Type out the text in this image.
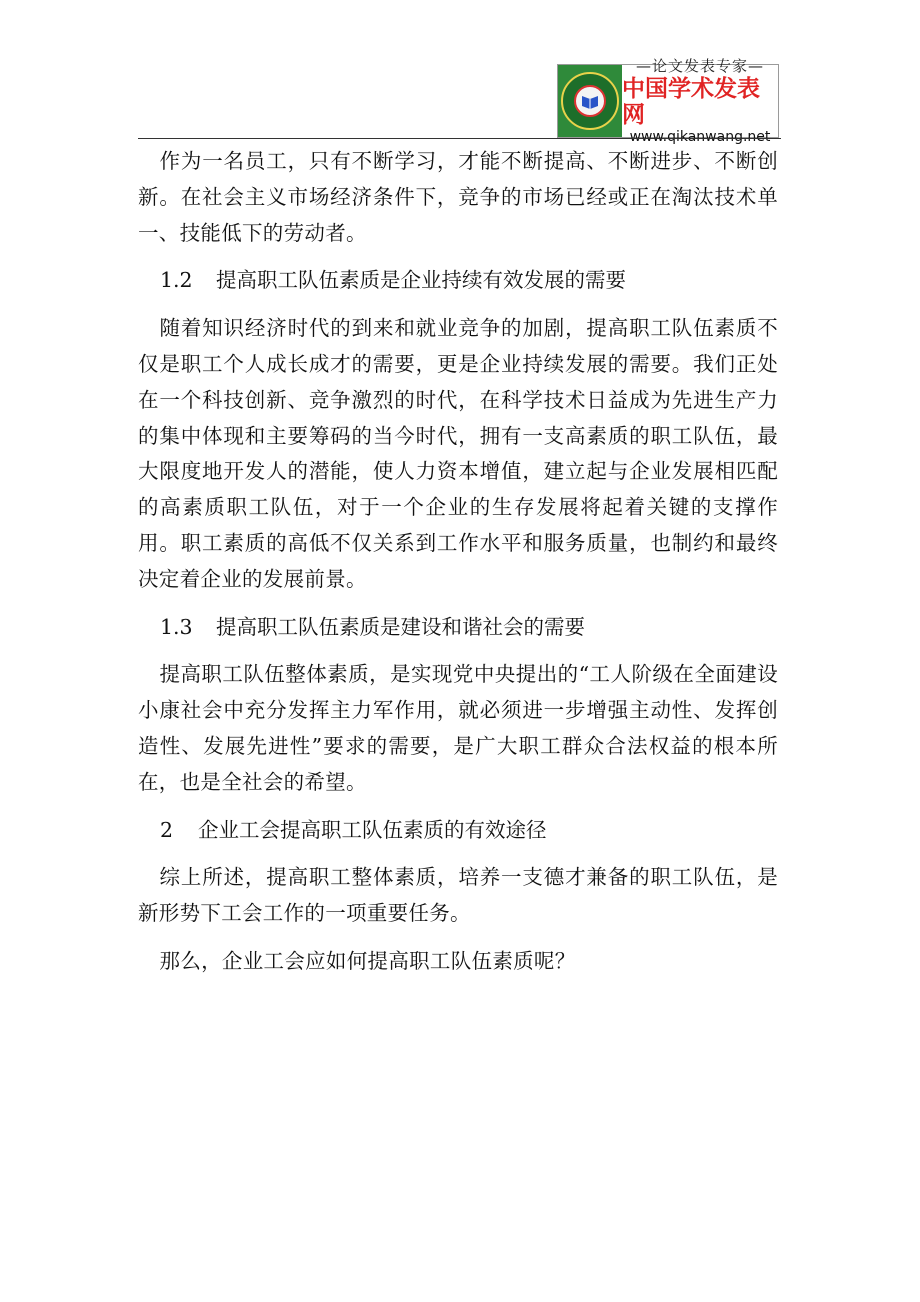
—论文发表专家—
中国学术发表网
www.qikanwang.net

作为一名员工，只有不断学习，才能不断提高、不断进步、不断创新。在社会主义市场经济条件下，竞争的市场已经或正在淘汰技术单一、技能低下的劳动者。

1.2 提高职工队伍素质是企业持续有效发展的需要

随着知识经济时代的到来和就业竞争的加剧，提高职工队伍素质不仅是职工个人成长成才的需要，更是企业持续发展的需要。我们正处在一个科技创新、竞争激烈的时代，在科学技术日益成为先进生产力的集中体现和主要筹码的当今时代，拥有一支高素质的职工队伍，最大限度地开发人的潜能，使人力资本增值，建立起与企业发展相匹配的高素质职工队伍，对于一个企业的生存发展将起着关键的支撑作用。职工素质的高低不仅关系到工作水平和服务质量，也制约和最终决定着企业的发展前景。

1.3 提高职工队伍素质是建设和谐社会的需要

提高职工队伍整体素质，是实现党中央提出的“工人阶级在全面建设小康社会中充分发挥主力军作用，就必须进一步增强主动性、发挥创造性、发展先进性”要求的需要，是广大职工群众合法权益的根本所在，也是全社会的希望。

2 企业工会提高职工队伍素质的有效途径

综上所述，提高职工整体素质，培养一支德才兼备的职工队伍，是新形势下工会工作的一项重要任务。

那么，企业工会应如何提高职工队伍素质呢？
